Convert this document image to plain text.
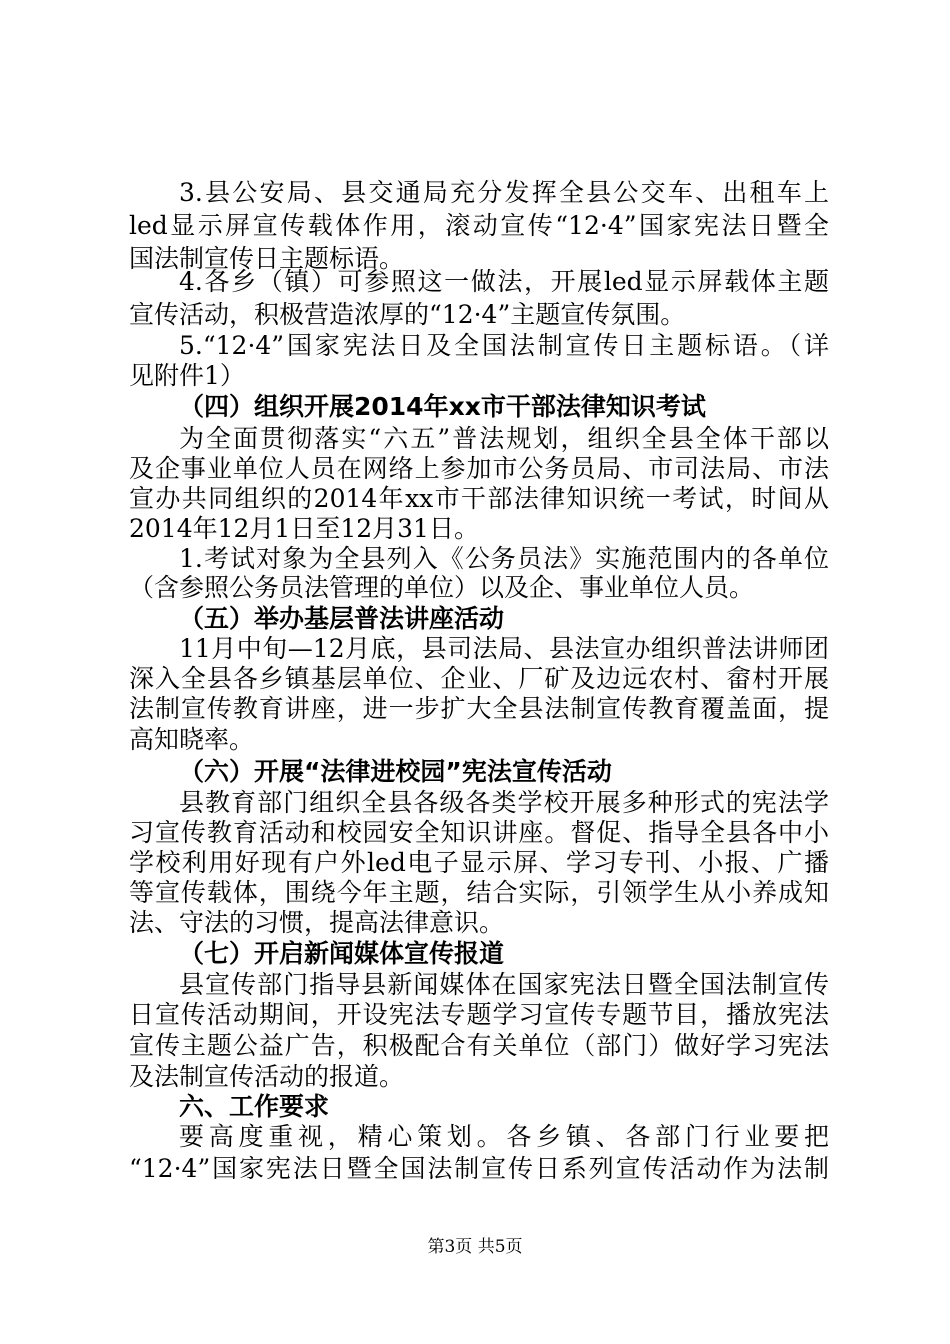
3.县公安局、县交通局充分发挥全县公交车、出租车上
led显示屏宣传载体作用，滚动宣传“12·4”国家宪法日暨全
国法制宣传日主题标语。
4.各乡（镇）可参照这一做法，开展led显示屏载体主题
宣传活动，积极营造浓厚的“12·4”主题宣传氛围。
5.“12·4”国家宪法日及全国法制宣传日主题标语。（详
见附件1）
（四）组织开展2014年xx市干部法律知识考试
为全面贯彻落实“六五”普法规划，组织全县全体干部以
及企事业单位人员在网络上参加市公务员局、市司法局、市法
宣办共同组织的2014年xx市干部法律知识统一考试，时间从
2014年12月1日至12月31日。
1.考试对象为全县列入《公务员法》实施范围内的各单位
（含参照公务员法管理的单位）以及企、事业单位人员。
（五）举办基层普法讲座活动
11月中旬—12月底，县司法局、县法宣办组织普法讲师团
深入全县各乡镇基层单位、企业、厂矿及边远农村、畲村开展
法制宣传教育讲座，进一步扩大全县法制宣传教育覆盖面，提
高知晓率。
（六）开展“法律进校园”宪法宣传活动
县教育部门组织全县各级各类学校开展多种形式的宪法学
习宣传教育活动和校园安全知识讲座。督促、指导全县各中小
学校利用好现有户外led电子显示屏、学习专刊、小报、广播
等宣传载体，围绕今年主题，结合实际，引领学生从小养成知
法、守法的习惯，提高法律意识。
（七）开启新闻媒体宣传报道
县宣传部门指导县新闻媒体在国家宪法日暨全国法制宣传
日宣传活动期间，开设宪法专题学习宣传专题节目，播放宪法
宣传主题公益广告，积极配合有关单位（部门）做好学习宪法
及法制宣传活动的报道。
六、工作要求
要高度重视，精心策划。各乡镇、各部门行业要把
“12·4”国家宪法日暨全国法制宣传日系列宣传活动作为法制
第3页 共5页
